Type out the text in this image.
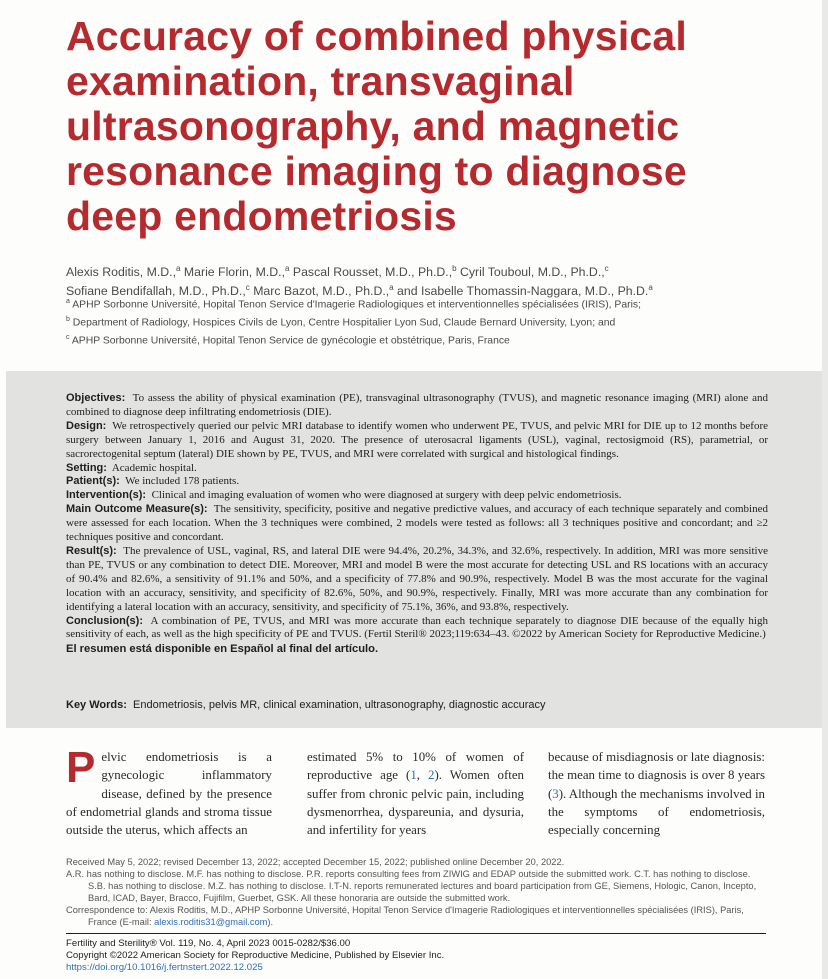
Accuracy of combined physical examination, transvaginal ultrasonography, and magnetic resonance imaging to diagnose deep endometriosis
Alexis Roditis, M.D.,$^a$ Marie Florin, M.D.,$^a$ Pascal Rousset, M.D., Ph.D.,$^b$ Cyril Touboul, M.D., Ph.D.,$^c$
Sofiane Bendifallah, M.D., Ph.D.,$^c$ Marc Bazot, M.D., Ph.D.,$^a$ and Isabelle Thomassin-Naggara, M.D., Ph.D.$^a$
$^a$ APHP Sorbonne Université, Hopital Tenon Service d'Imagerie Radiologiques et interventionnelles spécialisées (IRIS), Paris;
$^b$ Department of Radiology, Hospices Civils de Lyon, Centre Hospitalier Lyon Sud, Claude Bernard University, Lyon; and
$^c$ APHP Sorbonne Université, Hopital Tenon Service de gynécologie et obstétrique, Paris, France

Objectives: To assess the ability of physical examination (PE), transvaginal ultrasonography (TVUS), and magnetic resonance imaging (MRI) alone and combined to diagnose deep infiltrating endometriosis (DIE).

Design: We retrospectively queried our pelvic MRI database to identify women who underwent PE, TVUS, and pelvic MRI for DIE up to 12 months before surgery between January 1, 2016 and August 31, 2020. The presence of uterosacral ligaments (USL), vaginal, rectosigmoid (RS), parametrial, or sacrorectogenital septum (lateral) DIE shown by PE, TVUS, and MRI were correlated with surgical and histological findings.

Setting: Academic hospital.

Patient(s): We included 178 patients.

Intervention(s): Clinical and imaging evaluation of women who were diagnosed at surgery with deep pelvic endometriosis.

Main Outcome Measure(s): The sensitivity, specificity, positive and negative predictive values, and accuracy of each technique separately and combined were assessed for each location. When the 3 techniques were combined, 2 models were tested as follows: all 3 techniques positive and concordant; and ≥2 techniques positive and concordant.

Result(s): The prevalence of USL, vaginal, RS, and lateral DIE were 94.4%, 20.2%, 34.3%, and 32.6%, respectively. In addition, MRI was more sensitive than PE, TVUS or any combination to detect DIE. Moreover, MRI and model B were the most accurate for detecting USL and RS locations with an accuracy of 90.4% and 82.6%, a sensitivity of 91.1% and 50%, and a specificity of 77.8% and 90.9%, respectively. Model B was the most accurate for the vaginal location with an accuracy, sensitivity, and specificity of 82.6%, 50%, and 90.9%, respectively. Finally, MRI was more accurate than any combination for identifying a lateral location with an accuracy, sensitivity, and specificity of 75.1%, 36%, and 93.8%, respectively.

Conclusion(s): A combination of PE, TVUS, and MRI was more accurate than each technique separately to diagnose DIE because of the equally high sensitivity of each, as well as the high specificity of PE and TVUS. (Fertil Steril® 2023;119:634–43. ©2022 by American Society for Reproductive Medicine.)

El resumen está disponible en Español al final del artículo.

Key Words: Endometriosis, pelvis MR, clinical examination, ultrasonography, diagnostic accuracy
Pelvic endometriosis is a gynecologic inflammatory disease, defined by the presence of endometrial glands and stroma tissue outside the uterus, which affects an
estimated 5% to 10% of women of reproductive age (1, 2). Women often suffer from chronic pelvic pain, including dysmenorrhea, dyspareunia, and dysuria, and infertility for years
because of misdiagnosis or late diagnosis: the mean time to diagnosis is over 8 years (3). Although the mechanisms involved in the symptoms of endometriosis, especially concerning

Received May 5, 2022; revised December 13, 2022; accepted December 15, 2022; published online December 20, 2022.

A.R. has nothing to disclose. M.F. has nothing to disclose. P.R. reports consulting fees from ZIWIG and EDAP outside the submitted work. C.T. has nothing to disclose. S.B. has nothing to disclose. M.Z. has nothing to disclose. I.T-N. reports remunerated lectures and board participation from GE, Siemens, Hologic, Canon, Incepto, Bard, ICAD, Bayer, Bracco, Fujifilm, Guerbet, GSK. All these honoraria are outside the submitted work.

Correspondence to: Alexis Roditis, M.D., APHP Sorbonne Université, Hopital Tenon Service d'Imagerie Radiologiques et interventionnelles spécialisées (IRIS), Paris, France (E-mail: alexis.roditis31@gmail.com).

Fertility and Sterility® Vol. 119, No. 4, April 2023 0015-0282/$36.00
Copyright ©2022 American Society for Reproductive Medicine, Published by Elsevier Inc.
https://doi.org/10.1016/j.fertnstert.2022.12.025
